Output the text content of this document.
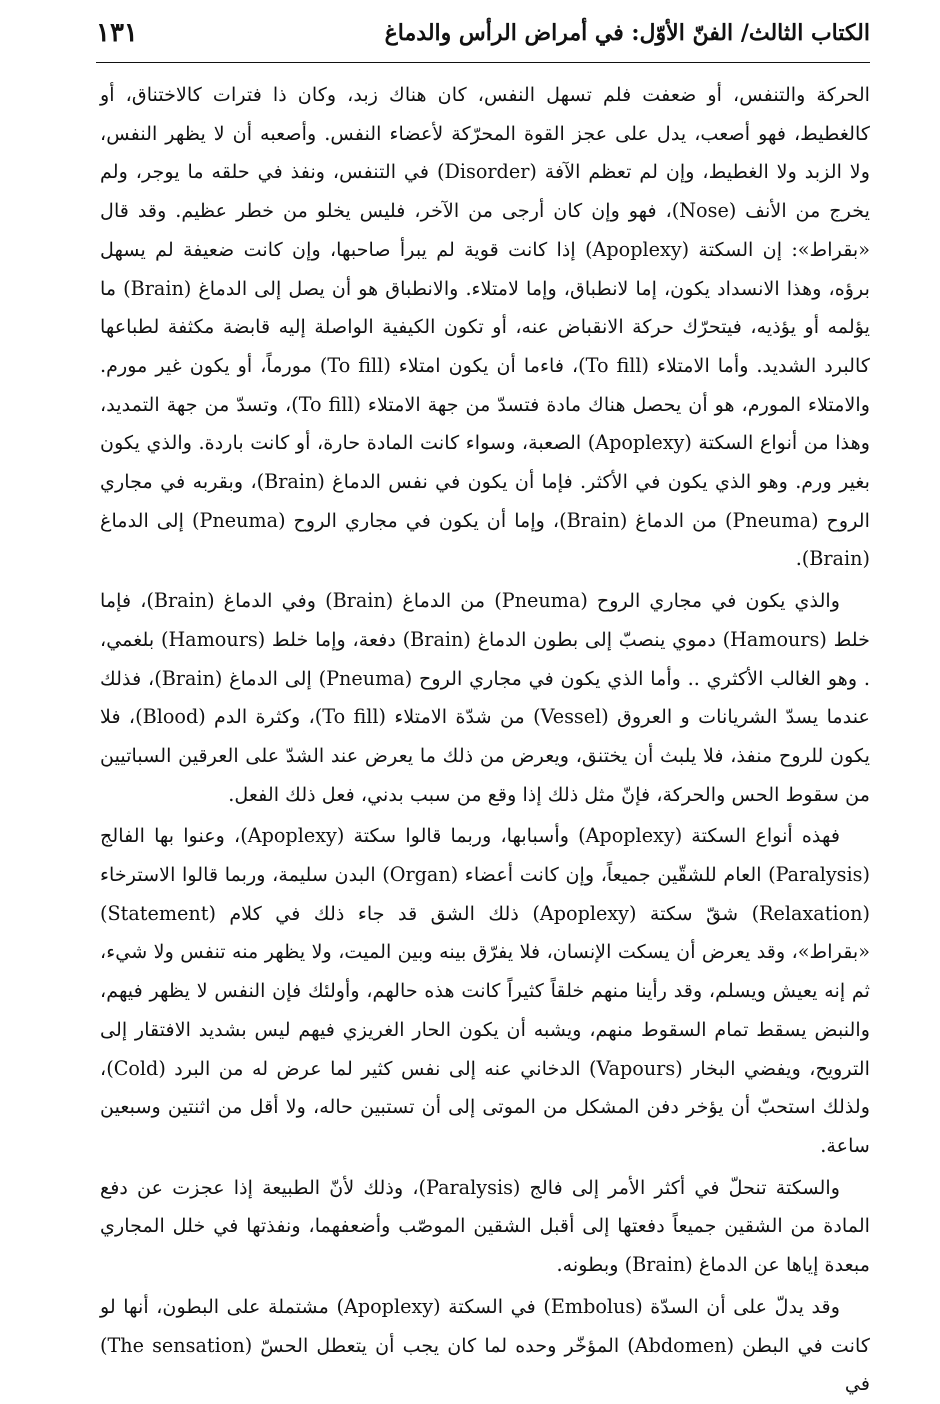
الكتاب الثالث/ الفنّ الأوّل: في أمراض الرأس والدماغ
١٣١

الحركة والتنفس، أو ضعفت فلم تسهل النفس، كان هناك زبد، وكان ذا فترات كالاختناق، أو كالغطيط، فهو أصعب، يدل على عجز القوة المحرّكة لأعضاء النفس. وأصعبه أن لا يظهر النفس، ولا الزبد ولا الغطيط، وإن لم تعظم الآفة (Disorder) في التنفس، ونفذ في حلقه ما يوجر، ولم يخرج من الأنف (Nose)، فهو وإن كان أرجى من الآخر، فليس يخلو من خطر عظيم. وقد قال «بقراط»: إن السكتة (Apoplexy) إذا كانت قوية لم يبرأ صاحبها، وإن كانت ضعيفة لم يسهل برؤه، وهذا الانسداد يكون، إما لانطباق، وإما لامتلاء. والانطباق هو أن يصل إلى الدماغ (Brain) ما يؤلمه أو يؤذيه، فيتحرّك حركة الانقباض عنه، أو تكون الكيفية الواصلة إليه قابضة مكثفة لطباعها كالبرد الشديد. وأما الامتلاء (To fill)، فاءما أن يكون امتلاء (To fill) مورماً، أو يكون غير مورم. والامتلاء المورم، هو أن يحصل هناك مادة فتسدّ من جهة الامتلاء (To fill)، وتسدّ من جهة التمديد، وهذا من أنواع السكتة (Apoplexy) الصعبة، وسواء كانت المادة حارة، أو كانت باردة. والذي يكون بغير ورم. وهو الذي يكون في الأكثر. فإما أن يكون في نفس الدماغ (Brain)، وبقربه في مجاري الروح (Pneuma) من الدماغ (Brain)، وإما أن يكون في مجاري الروح (Pneuma) إلى الدماغ (Brain).

والذي يكون في مجاري الروح (Pneuma) من الدماغ (Brain) وفي الدماغ (Brain)، فإما خلط (Hamours) دموي ينصبّ إلى بطون الدماغ (Brain) دفعة، وإما خلط (Hamours) بلغمي، . وهو الغالب الأكثري .. وأما الذي يكون في مجاري الروح (Pneuma) إلى الدماغ (Brain)، فذلك عندما يسدّ الشريانات و العروق (Vessel) من شدّة الامتلاء (To fill)، وكثرة الدم (Blood)، فلا يكون للروح منفذ، فلا يلبث أن يختنق، ويعرض من ذلك ما يعرض عند الشدّ على العرقين السباتيين من سقوط الحس والحركة، فإنّ مثل ذلك إذا وقع من سبب بدني، فعل ذلك الفعل.

فهذه أنواع السكتة (Apoplexy) وأسبابها، وربما قالوا سكتة (Apoplexy)، وعنوا بها الفالج (Paralysis) العام للشقّين جميعاً، وإن كانت أعضاء (Organ) البدن سليمة، وربما قالوا الاسترخاء (Relaxation) شقّ سكتة (Apoplexy) ذلك الشق قد جاء ذلك في كلام (Statement) «بقراط»، وقد يعرض أن يسكت الإنسان، فلا يفرّق بينه وبين الميت، ولا يظهر منه تنفس ولا شيء، ثم إنه يعيش ويسلم، وقد رأينا منهم خلقاً كثيراً كانت هذه حالهم، وأولئك فإن النفس لا يظهر فيهم، والنبض يسقط تمام السقوط منهم، ويشبه أن يكون الحار الغريزي فيهم ليس بشديد الافتقار إلى الترويح، ويفضي البخار (Vapours) الدخاني عنه إلى نفس كثير لما عرض له من البرد (Cold)، ولذلك استحبّ أن يؤخر دفن المشكل من الموتى إلى أن تستبين حاله، ولا أقل من اثنتين وسبعين ساعة.

والسكتة تنحلّ في أكثر الأمر إلى فالج (Paralysis)، وذلك لأنّ الطبيعة إذا عجزت عن دفع المادة من الشقين جميعاً دفعتها إلى أقبل الشقين الموصّب وأضعفهما، ونفذتها في خلل المجاري مبعدة إياها عن الدماغ (Brain) وبطونه.

وقد يدلّ على أن السدّة (Embolus) في السكتة (Apoplexy) مشتملة على البطون، أنها لو كانت في البطن (Abdomen) المؤخّر وحده لما كان يجب أن يتعطل الحسّ (The sensation) في
